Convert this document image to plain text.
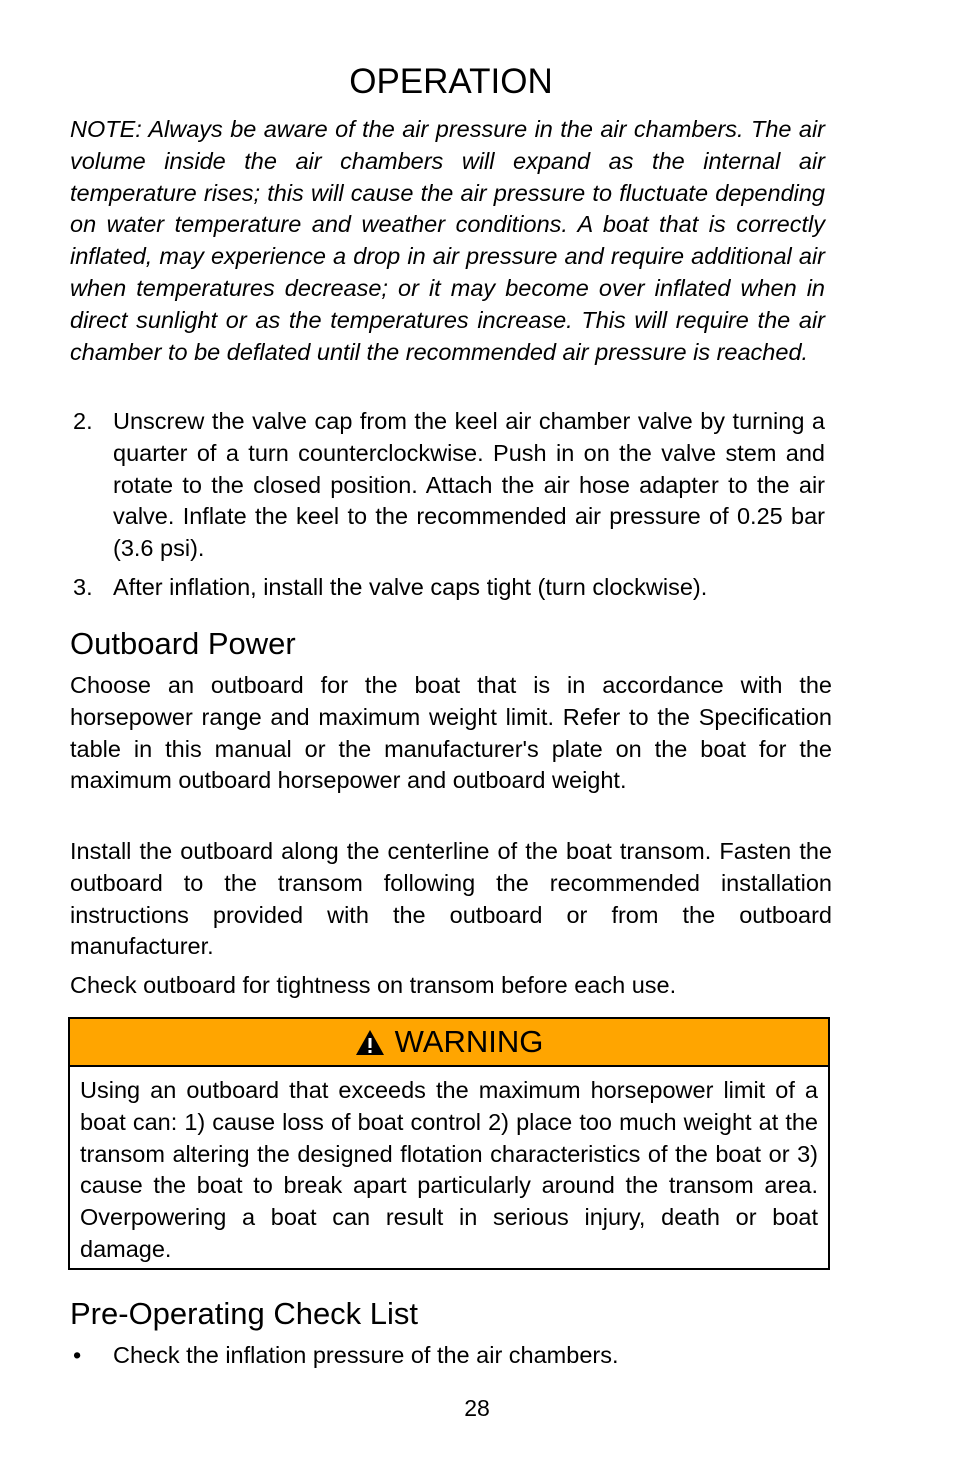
OPERATION

NOTE: Always be aware of the air pressure in the air chambers. The air volume inside the air chambers will expand as the internal air temperature rises; this will cause the air pressure to fluctuate depending on water temperature and weather conditions. A boat that is correctly inflated, may experience a drop in air pressure and require additional air when temperatures decrease; or it may become over inflated when in direct sunlight or as the temperatures increase. This will require the air chamber to be deflated until the recommended air pressure is reached.

2. Unscrew the valve cap from the keel air chamber valve by turning a quarter of a turn counterclockwise. Push in on the valve stem and rotate to the closed position. Attach the air hose adapter to the air valve. Inflate the keel to the recommended air pressure of 0.25 bar (3.6 psi).
3. After inflation, install the valve caps tight (turn clockwise).
Outboard Power

Choose an outboard for the boat that is in accordance with the horsepower range and maximum weight limit. Refer to the Specification table in this manual or the manufacturer's plate on the boat for the maximum outboard horsepower and outboard weight.

Install the outboard along the centerline of the boat transom. Fasten the outboard to the transom following the recommended installation instructions provided with the outboard or from the outboard manufacturer.

Check outboard for tightness on transom before each use.

WARNING
Using an outboard that exceeds the maximum horsepower limit of a boat can: 1) cause loss of boat control 2) place too much weight at the transom altering the designed flotation characteristics of the boat or 3) cause the boat to break apart particularly around the transom area. Overpowering a boat can result in serious injury, death or boat damage.
Pre-Operating Check List
• Check the inflation pressure of the air chambers.
28
